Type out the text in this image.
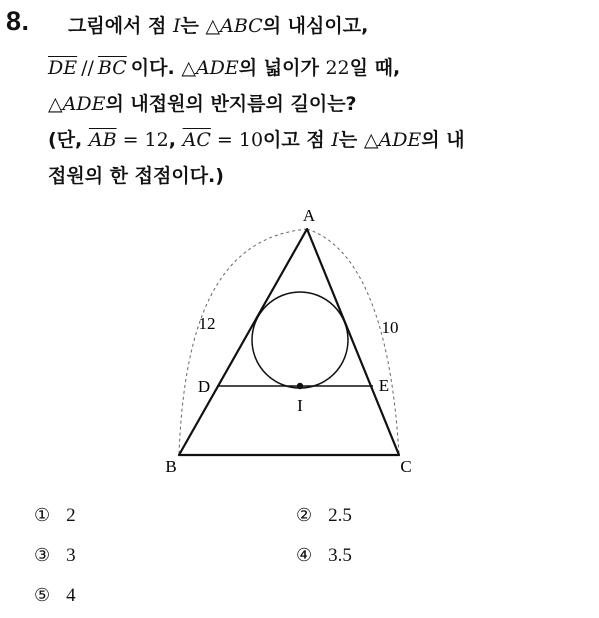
8. 그림에서 점 I는 △ABC의 내심이고,
$\overline{DE} // \overline{BC}$ 이다. △ADE의 넓이가 22일 때,
△ADE의 내접원의 반지름의 길이는?
(단, $\overline{AB} = 12$, $\overline{AC} = 10$이고 점 I는 △ADE의 내
접원의 한 접점이다.)
A
B	C
D	E
I
12	10
① 2	② 2.5
③ 3	④ 3.5
⑤ 4
